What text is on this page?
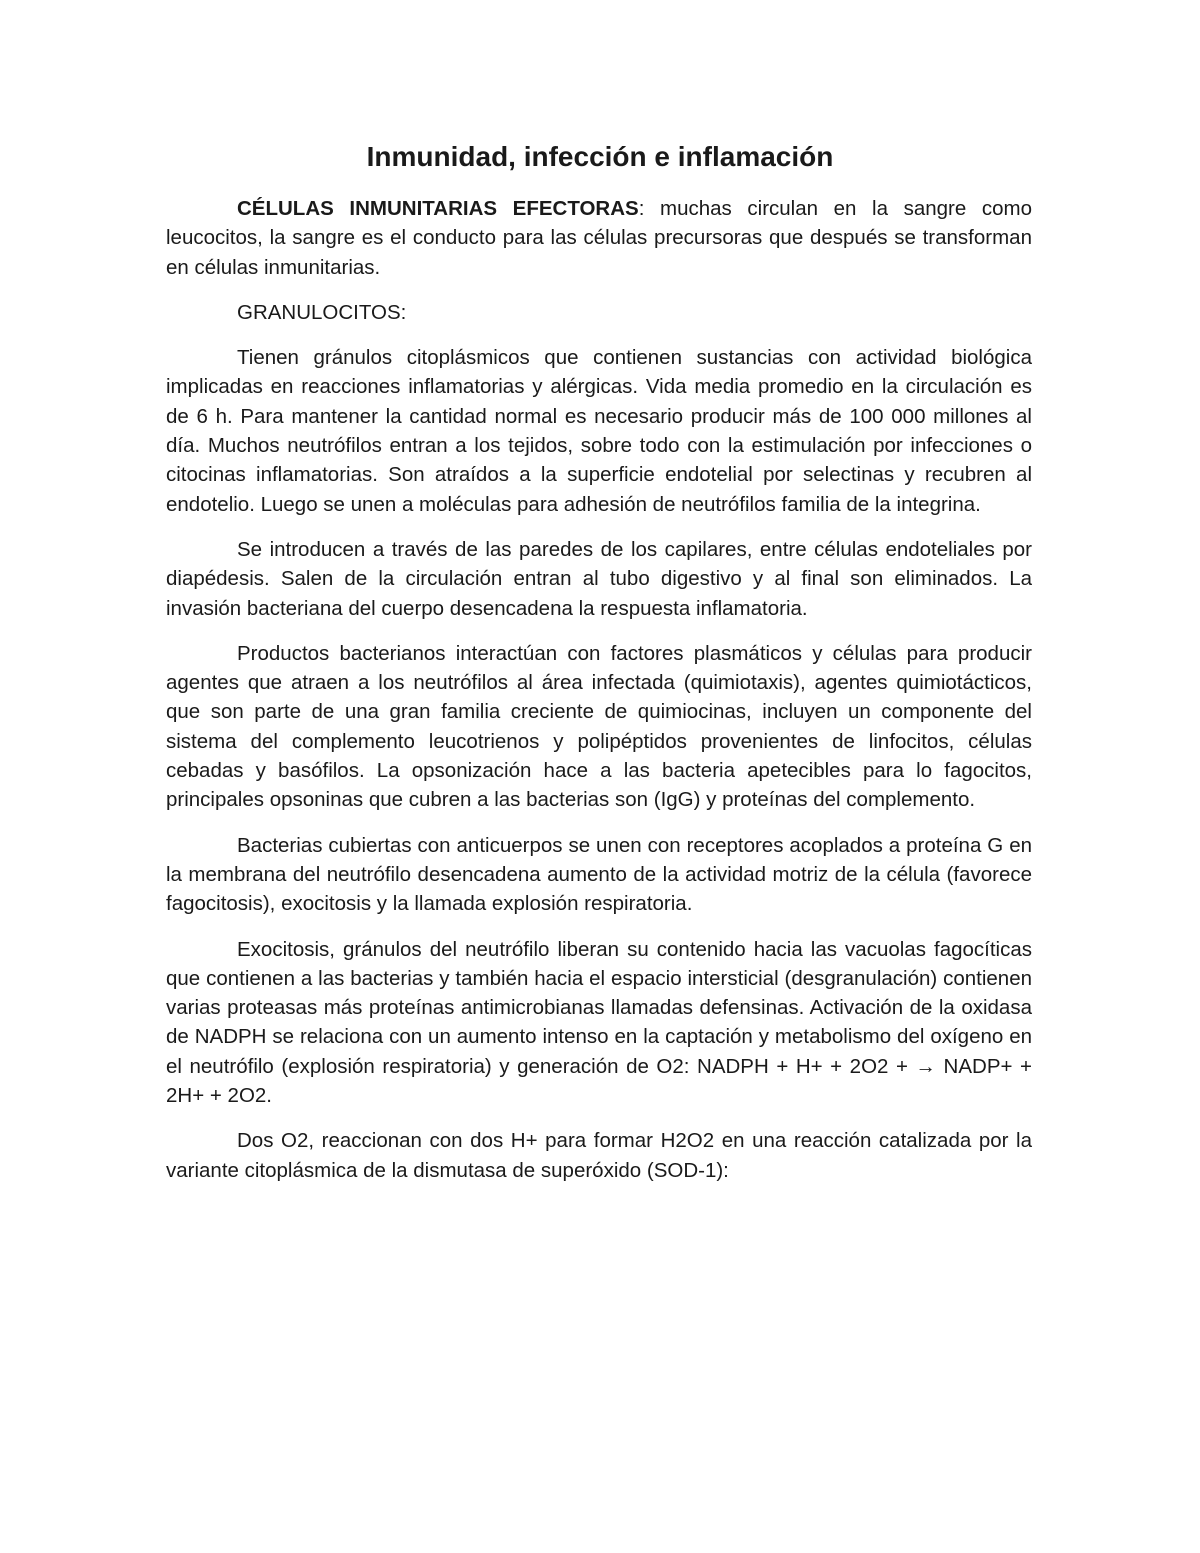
Inmunidad, infección e inflamación

CÉLULAS INMUNITARIAS EFECTORAS: muchas circulan en la sangre como leucocitos, la sangre es el conducto para las células precursoras que después se transforman en células inmunitarias.

GRANULOCITOS:

Tienen gránulos citoplásmicos que contienen sustancias con actividad biológica implicadas en reacciones inflamatorias y alérgicas. Vida media promedio en la circulación es de 6 h. Para mantener la cantidad normal es necesario producir más de 100 000 millones al día. Muchos neutrófilos entran a los tejidos, sobre todo con la estimulación por infecciones o citocinas inflamatorias. Son atraídos a la superficie endotelial por selectinas y recubren al endotelio. Luego se unen a moléculas para adhesión de neutrófilos familia de la integrina.

Se introducen a través de las paredes de los capilares, entre células endoteliales por diapédesis. Salen de la circulación entran al tubo digestivo y al final son eliminados. La invasión bacteriana del cuerpo desencadena la respuesta inflamatoria.

Productos bacterianos interactúan con factores plasmáticos y células para producir agentes que atraen a los neutrófilos al área infectada (quimiotaxis), agentes quimiotácticos, que son parte de una gran familia creciente de quimiocinas, incluyen un componente del sistema del complemento leucotrienos y polipéptidos provenientes de linfocitos, células cebadas y basófilos. La opsonización hace a las bacteria apetecibles para lo fagocitos, principales opsoninas que cubren a las bacterias son (IgG) y proteínas del complemento.

Bacterias cubiertas con anticuerpos se unen con receptores acoplados a proteína G en la membrana del neutrófilo desencadena aumento de la actividad motriz de la célula (favorece fagocitosis), exocitosis y la llamada explosión respiratoria.

Exocitosis, gránulos del neutrófilo liberan su contenido hacia las vacuolas fagocíticas que contienen a las bacterias y también hacia el espacio intersticial (desgranulación) contienen varias proteasas más proteínas antimicrobianas llamadas defensinas. Activación de la oxidasa de NADPH se relaciona con un aumento intenso en la captación y metabolismo del oxígeno en el neutrófilo (explosión respiratoria) y generación de O2: NADPH + H+ + 2O2 + → NADP+ + 2H+ + 2O2.

Dos O2, reaccionan con dos H+ para formar H2O2 en una reacción catalizada por la variante citoplásmica de la dismutasa de superóxido (SOD-1):
